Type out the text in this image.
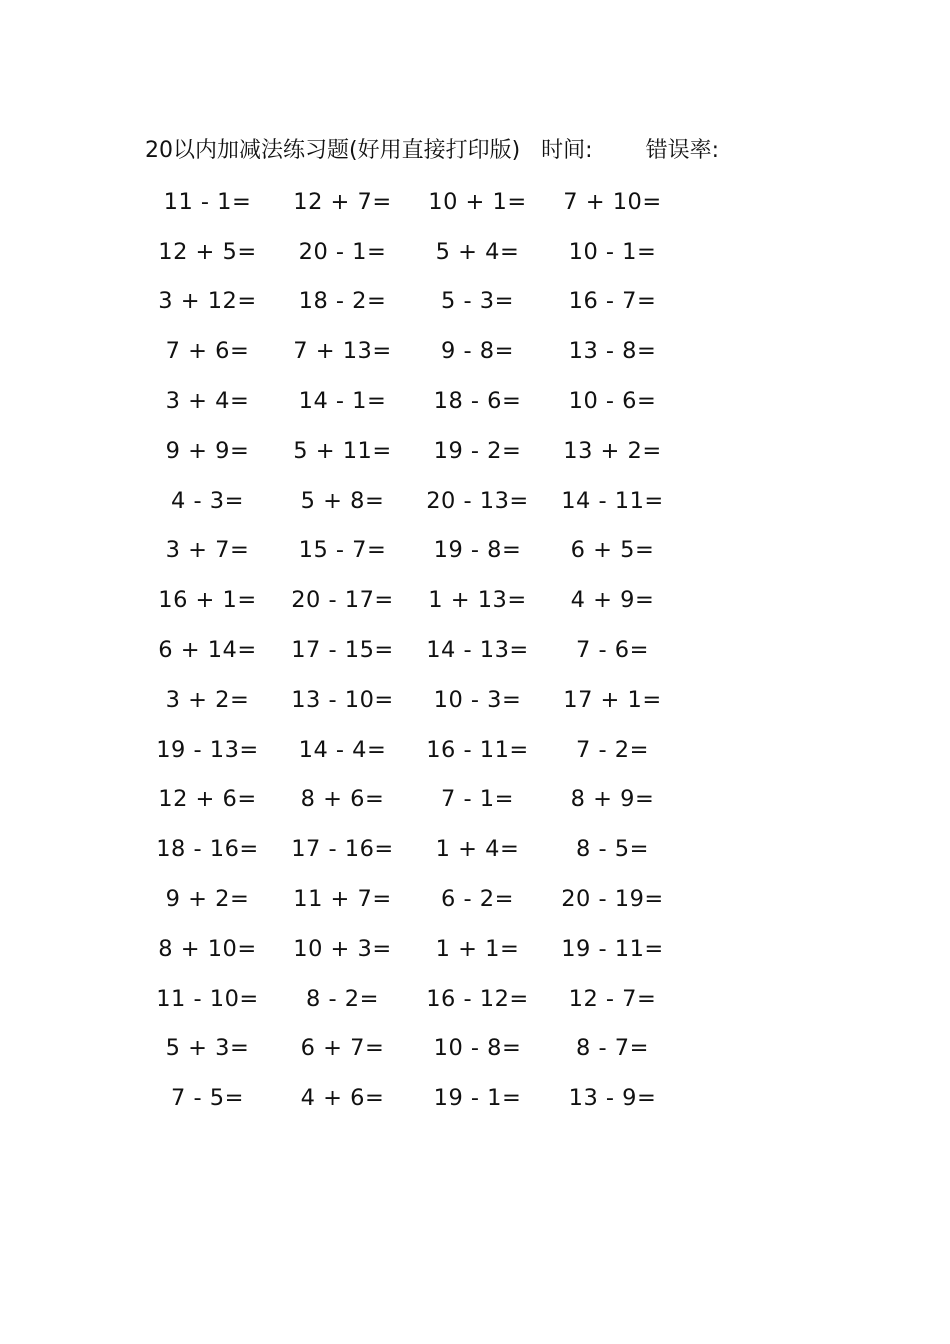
20以内加减法练习题(好用直接打印版) 时间: 错误率:
11 - 1=	12 + 7=	10 + 1=	7 + 10=
12 + 5=	20 - 1=	5 + 4=	10 - 1=
3 + 12=	18 - 2=	5 - 3=	16 - 7=
7 + 6=	7 + 13=	9 - 8=	13 - 8=
3 + 4=	14 - 1=	18 - 6=	10 - 6=
9 + 9=	5 + 11=	19 - 2=	13 + 2=
4 - 3=	5 + 8=	20 - 13=	14 - 11=
3 + 7=	15 - 7=	19 - 8=	6 + 5=
16 + 1=	20 - 17=	1 + 13=	4 + 9=
6 + 14=	17 - 15=	14 - 13=	7 - 6=
3 + 2=	13 - 10=	10 - 3=	17 + 1=
19 - 13=	14 - 4=	16 - 11=	7 - 2=
12 + 6=	8 + 6=	7 - 1=	8 + 9=
18 - 16=	17 - 16=	1 + 4=	8 - 5=
9 + 2=	11 + 7=	6 - 2=	20 - 19=
8 + 10=	10 + 3=	1 + 1=	19 - 11=
11 - 10=	8 - 2=	16 - 12=	12 - 7=
5 + 3=	6 + 7=	10 - 8=	8 - 7=
7 - 5=	4 + 6=	19 - 1=	13 - 9=
